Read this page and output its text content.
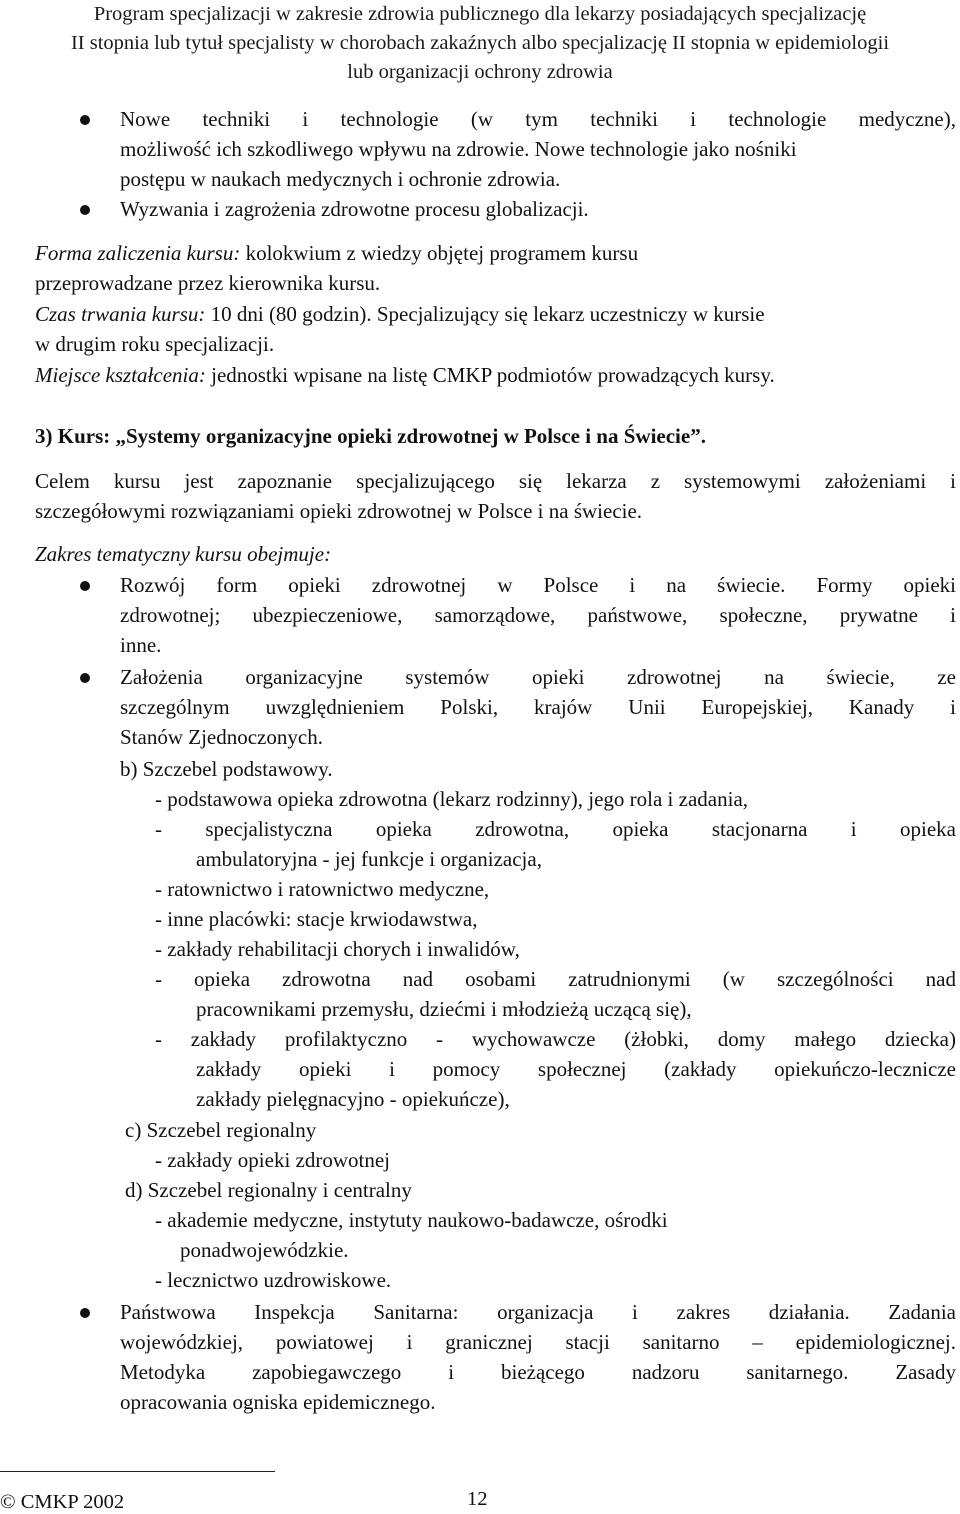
Program specjalizacji w zakresie zdrowia publicznego dla lekarzy posiadających specjalizację
II stopnia lub tytuł specjalisty w chorobach zakaźnych albo specjalizację II stopnia w epidemiologii
lub organizacji ochrony zdrowia
Nowe techniki i technologie (w tym techniki i technologie medyczne),
możliwość ich szkodliwego wpływu na zdrowie. Nowe technologie jako nośniki
postępu w naukach medycznych i ochronie zdrowia.
Wyzwania i zagrożenia zdrowotne procesu globalizacji.
Forma zaliczenia kursu: kolokwium z wiedzy objętej programem kursu
przeprowadzane przez kierownika kursu.
Czas trwania kursu: 10 dni (80 godzin). Specjalizujący się lekarz uczestniczy w kursie
w drugim roku specjalizacji.
Miejsce kształcenia: jednostki wpisane na listę CMKP podmiotów prowadzących kursy.
3) Kurs: „Systemy organizacyjne opieki zdrowotnej w Polsce i na Świecie”.
Celem kursu jest zapoznanie specjalizującego się lekarza z systemowymi założeniami i
szczegółowymi rozwiązaniami opieki zdrowotnej w Polsce i na świecie.
Zakres tematyczny kursu obejmuje:
Rozwój form opieki zdrowotnej w Polsce i na świecie. Formy opieki
zdrowotnej; ubezpieczeniowe, samorządowe, państwowe, społeczne, prywatne i
inne.
Założenia organizacyjne systemów opieki zdrowotnej na świecie, ze
szczególnym uwzględnieniem Polski, krajów Unii Europejskiej, Kanady i
Stanów Zjednoczonych.
b) Szczebel podstawowy.
- podstawowa opieka zdrowotna (lekarz rodzinny), jego rola i zadania,
- specjalistyczna opieka zdrowotna, opieka stacjonarna i opieka
ambulatoryjna - jej funkcje i organizacja,
- ratownictwo i ratownictwo medyczne,
- inne placówki: stacje krwiodawstwa,
- zakłady rehabilitacji chorych i inwalidów,
- opieka zdrowotna nad osobami zatrudnionymi (w szczególności nad
pracownikami przemysłu, dziećmi i młodzieżą uczącą się),
- zakłady profilaktyczno - wychowawcze (żłobki, domy małego dziecka)
zakłady opieki i pomocy społecznej (zakłady opiekuńczo-lecznicze
zakłady pielęgnacyjno - opiekuńcze),
c) Szczebel regionalny
- zakłady opieki zdrowotnej
d) Szczebel regionalny i centralny
- akademie medyczne, instytuty naukowo-badawcze, ośrodki
ponadwojewódzkie.
- lecznictwo uzdrowiskowe.
Państwowa Inspekcja Sanitarna: organizacja i zakres działania. Zadania
wojewódzkiej, powiatowej i granicznej stacji sanitarno – epidemiologicznej.
Metodyka zapobiegawczego i bieżącego nadzoru sanitarnego. Zasady
opracowania ogniska epidemicznego.
© CMKP 2002	12
